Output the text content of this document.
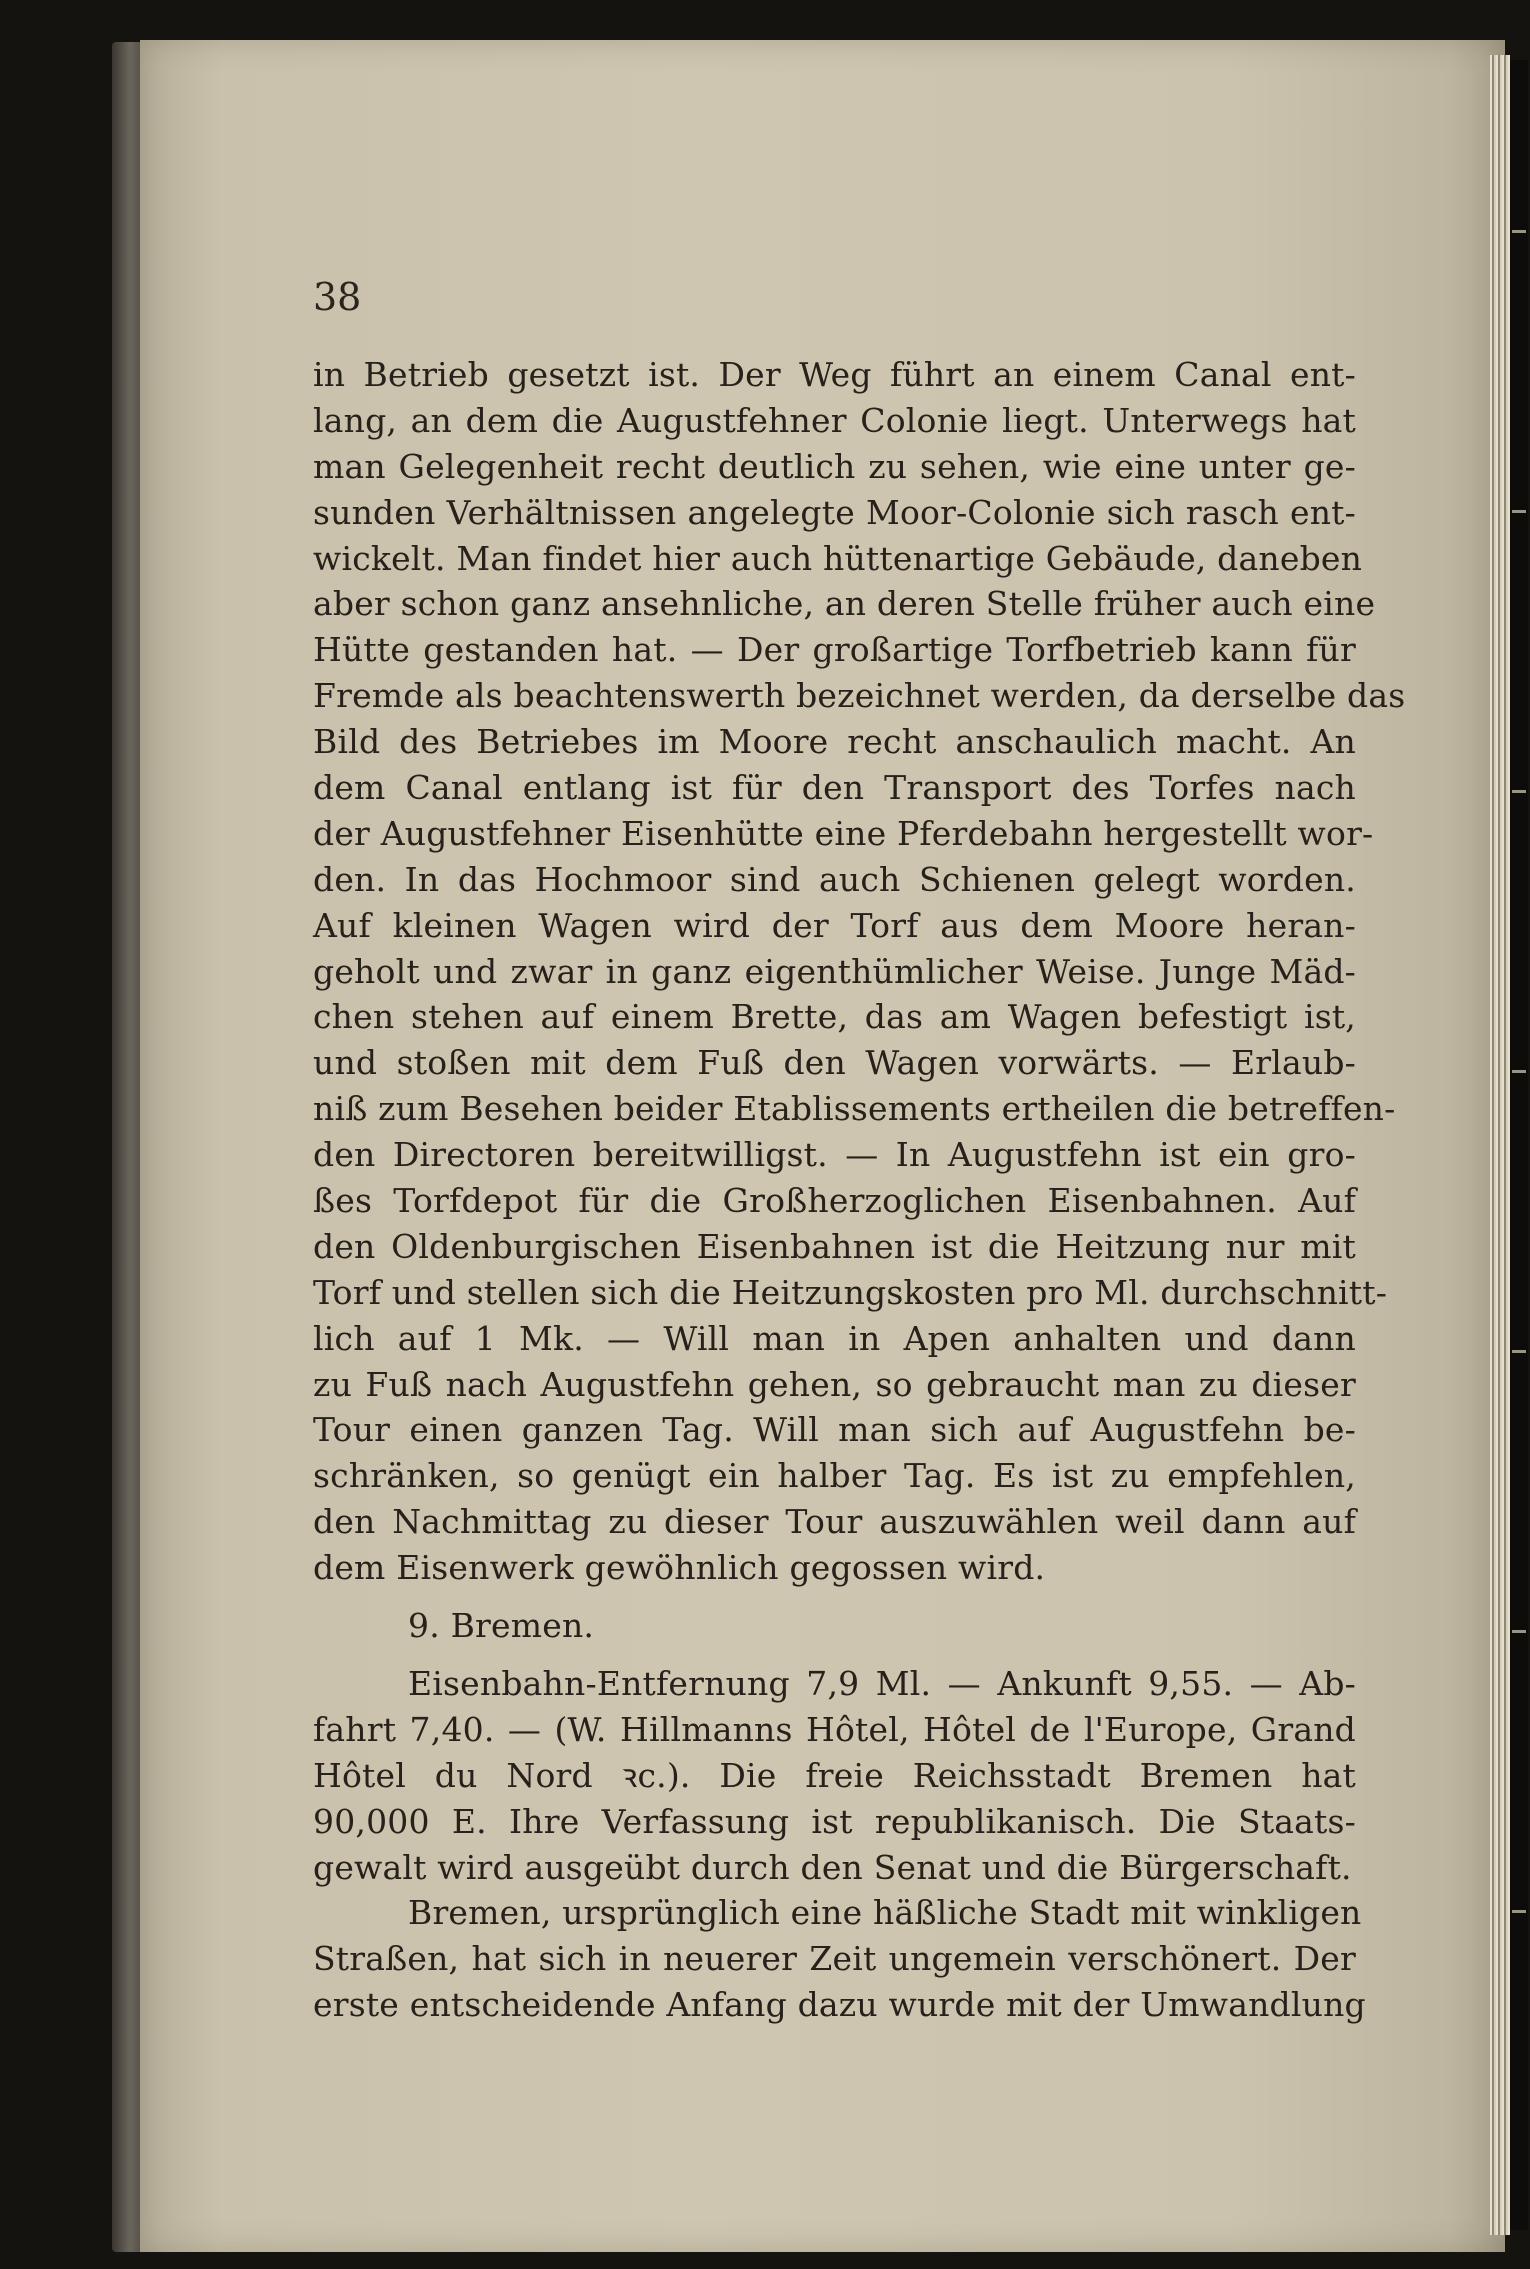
38
in Betrieb gesetzt ist. Der Weg führt an einem Canal ent-
lang, an dem die Augustfehner Colonie liegt. Unterwegs hat
man Gelegenheit recht deutlich zu sehen, wie eine unter ge-
sunden Verhältnissen angelegte Moor-Colonie sich rasch ent-
wickelt. Man findet hier auch hüttenartige Gebäude, daneben
aber schon ganz ansehnliche, an deren Stelle früher auch eine
Hütte gestanden hat. — Der großartige Torfbetrieb kann für
Fremde als beachtenswerth bezeichnet werden, da derselbe das
Bild des Betriebes im Moore recht anschaulich macht. An
dem Canal entlang ist für den Transport des Torfes nach
der Augustfehner Eisenhütte eine Pferdebahn hergestellt wor-
den. In das Hochmoor sind auch Schienen gelegt worden.
Auf kleinen Wagen wird der Torf aus dem Moore heran-
geholt und zwar in ganz eigenthümlicher Weise. Junge Mäd-
chen stehen auf einem Brette, das am Wagen befestigt ist,
und stoßen mit dem Fuß den Wagen vorwärts. — Erlaub-
niß zum Besehen beider Etablissements ertheilen die betreffen-
den Directoren bereitwilligst. — In Augustfehn ist ein gro-
ßes Torfdepot für die Großherzoglichen Eisenbahnen. Auf
den Oldenburgischen Eisenbahnen ist die Heitzung nur mit
Torf und stellen sich die Heitzungskosten pro Ml. durchschnitt-
lich auf 1 Mk. — Will man in Apen anhalten und dann
zu Fuß nach Augustfehn gehen, so gebraucht man zu dieser
Tour einen ganzen Tag. Will man sich auf Augustfehn be-
schränken, so genügt ein halber Tag. Es ist zu empfehlen,
den Nachmittag zu dieser Tour auszuwählen weil dann auf
dem Eisenwerk gewöhnlich gegossen wird.
9. Bremen.
Eisenbahn-Entfernung 7,9 Ml. — Ankunft 9,55. — Ab-
fahrt 7,40. — (W. Hillmanns Hôtel, Hôtel de l'Europe, Grand
Hôtel du Nord ꝛc.). Die freie Reichsstadt Bremen hat
90,000 E. Ihre Verfassung ist republikanisch. Die Staats-
gewalt wird ausgeübt durch den Senat und die Bürgerschaft.
Bremen, ursprünglich eine häßliche Stadt mit winkligen
Straßen, hat sich in neuerer Zeit ungemein verschönert. Der
erste entscheidende Anfang dazu wurde mit der Umwandlung
